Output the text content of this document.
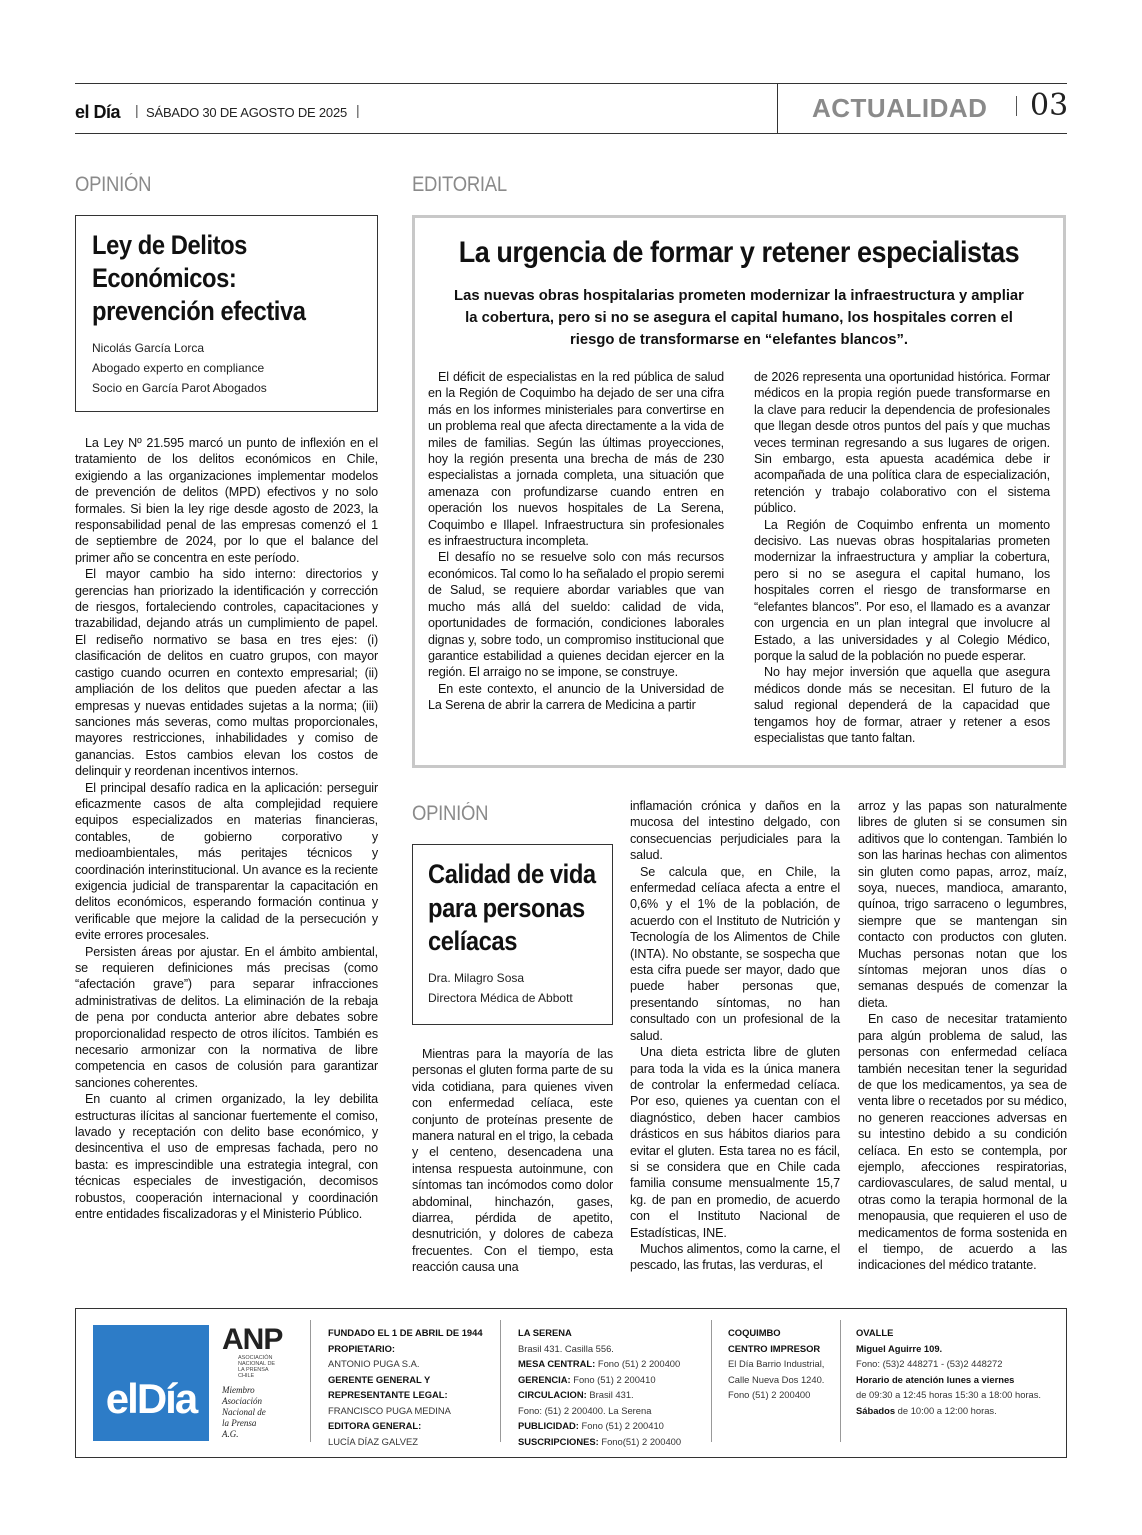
el Día | SÁBADO 30 DE AGOSTO DE 2025 |	ACTUALIDAD 03
OPINIÓN
Ley de Delitos
Económicos:
prevención efectiva
Nicolás García Lorca
Abogado experto en compliance
Socio en García Parot Abogados

La Ley Nº 21.595 marcó un punto de inflexión en el tratamiento de los delitos económicos en Chile, exigiendo a las organizaciones implementar modelos de prevención de delitos (MPD) efectivos y no solo formales. Si bien la ley rige desde agosto de 2023, la responsabilidad penal de las empresas comenzó el 1 de septiembre de 2024, por lo que el balance del primer año se concentra en este período.

El mayor cambio ha sido interno: directorios y gerencias han priorizado la identificación y corrección de riesgos, fortaleciendo controles, capacitaciones y trazabilidad, dejando atrás un cumplimiento de papel. El rediseño normativo se basa en tres ejes: (i) clasificación de delitos en cuatro grupos, con mayor castigo cuando ocurren en contexto empresarial; (ii) ampliación de los delitos que pueden afectar a las empresas y nuevas entidades sujetas a la norma; (iii) sanciones más severas, como multas proporcionales, mayores restricciones, inhabilidades y comiso de ganancias. Estos cambios elevan los costos de delinquir y reordenan incentivos internos.

El principal desafío radica en la aplicación: perseguir eficazmente casos de alta complejidad requiere equipos especializados en materias financieras, contables, de gobierno corporativo y medioambientales, más peritajes técnicos y coordinación interinstitucional. Un avance es la reciente exigencia judicial de transparentar la capacitación en delitos económicos, esperando formación continua y verificable que mejore la calidad de la persecución y evite errores procesales.

Persisten áreas por ajustar. En el ámbito ambiental, se requieren definiciones más precisas (como “afectación grave”) para separar infracciones administrativas de delitos. La eliminación de la rebaja de pena por conducta anterior abre debates sobre proporcionalidad respecto de otros ilícitos. También es necesario armonizar con la normativa de libre competencia en casos de colusión para garantizar sanciones coherentes.

En cuanto al crimen organizado, la ley debilita estructuras ilícitas al sancionar fuertemente el comiso, lavado y receptación con delito base económico, y desincentiva el uso de empresas fachada, pero no basta: es imprescindible una estrategia integral, con técnicas especiales de investigación, decomisos robustos, cooperación internacional y coordinación entre entidades fiscalizadoras y el Ministerio Público.

EDITORIAL
La urgencia de formar y retener especialistas
Las nuevas obras hospitalarias prometen modernizar la infraestructura y ampliar la cobertura, pero si no se asegura el capital humano, los hospitales corren el riesgo de transformarse en “elefantes blancos”.

El déficit de especialistas en la red pública de salud en la Región de Coquimbo ha dejado de ser una cifra más en los informes ministeriales para convertirse en un problema real que afecta directamente a la vida de miles de familias. Según las últimas proyecciones, hoy la región presenta una brecha de más de 230 especialistas a jornada completa, una situación que amenaza con profundizarse cuando entren en operación los nuevos hospitales de La Serena, Coquimbo e Illapel. Infraestructura sin profesionales es infraestructura incompleta.

El desafío no se resuelve solo con más recursos económicos. Tal como lo ha señalado el propio seremi de Salud, se requiere abordar variables que van mucho más allá del sueldo: calidad de vida, oportunidades de formación, condiciones laborales dignas y, sobre todo, un compromiso institucional que garantice estabilidad a quienes decidan ejercer en la región. El arraigo no se impone, se construye.

En este contexto, el anuncio de la Universidad de La Serena de abrir la carrera de Medicina a partir

de 2026 representa una oportunidad histórica. Formar médicos en la propia región puede transformarse en la clave para reducir la dependencia de profesionales que llegan desde otros puntos del país y que muchas veces terminan regresando a sus lugares de origen. Sin embargo, esta apuesta académica debe ir acompañada de una política clara de especialización, retención y trabajo colaborativo con el sistema público.

La Región de Coquimbo enfrenta un momento decisivo. Las nuevas obras hospitalarias prometen modernizar la infraestructura y ampliar la cobertura, pero si no se asegura el capital humano, los hospitales corren el riesgo de transformarse en “elefantes blancos”. Por eso, el llamado es a avanzar con urgencia en un plan integral que involucre al Estado, a las universidades y al Colegio Médico, porque la salud de la población no puede esperar.

No hay mejor inversión que aquella que asegura médicos donde más se necesitan. El futuro de la salud regional dependerá de la capacidad que tengamos hoy de formar, atraer y retener a esos especialistas que tanto faltan.

OPINIÓN
Calidad de vida
para personas
celíacas
Dra. Milagro Sosa
Directora Médica de Abbott

Mientras para la mayoría de las personas el gluten forma parte de su vida cotidiana, para quienes viven con enfermedad celíaca, este conjunto de proteínas presente de manera natural en el trigo, la cebada y el centeno, desencadena una intensa respuesta autoinmune, con síntomas tan incómodos como dolor abdominal, hinchazón, gases, diarrea, pérdida de apetito, desnutrición, y dolores de cabeza frecuentes. Con el tiempo, esta reacción causa una

inflamación crónica y daños en la mucosa del intestino delgado, con consecuencias perjudiciales para la salud.

Se calcula que, en Chile, la enfermedad celíaca afecta a entre el 0,6% y el 1% de la población, de acuerdo con el Instituto de Nutrición y Tecnología de los Alimentos de Chile (INTA). No obstante, se sospecha que esta cifra puede ser mayor, dado que puede haber personas que, presentando síntomas, no han consultado con un profesional de la salud.

Una dieta estricta libre de gluten para toda la vida es la única manera de controlar la enfermedad celíaca. Por eso, quienes ya cuentan con el diagnóstico, deben hacer cambios drásticos en sus hábitos diarios para evitar el gluten. Esta tarea no es fácil, si se considera que en Chile cada familia consume mensualmente 15,7 kg. de pan en promedio, de acuerdo con el Instituto Nacional de Estadísticas, INE.

Muchos alimentos, como la carne, el pescado, las frutas, las verduras, el

arroz y las papas son naturalmente libres de gluten si se consumen sin aditivos que lo contengan. También lo son las harinas hechas con alimentos sin gluten como papas, arroz, maíz, soya, nueces, mandioca, amaranto, quínoa, trigo sarraceno o legumbres, siempre que se mantengan sin contacto con productos con gluten. Muchas personas notan que los síntomas mejoran unos días o semanas después de comenzar la dieta.

En caso de necesitar tratamiento para algún problema de salud, las personas con enfermedad celíaca también necesitan tener la seguridad de que los medicamentos, ya sea de venta libre o recetados por su médico, no generen reacciones adversas en su intestino debido a su condición celíaca. En esto se contempla, por ejemplo, afecciones respiratorias, cardiovasculares, de salud mental, u otras como la terapia hormonal de la menopausia, que requieren el uso de medicamentos de forma sostenida en el tiempo, de acuerdo a las indicaciones del médico tratante.

elDía
ANP
ASOCIACIÓN NACIONAL DE LA PRENSA CHILE
Miembro
Asociación
Nacional de
la Prensa
A.G.
FUNDADO EL 1 DE ABRIL DE 1944
PROPIETARIO:
ANTONIO PUGA S.A.
GERENTE GENERAL Y
REPRESENTANTE LEGAL:
FRANCISCO PUGA MEDINA
EDITORA GENERAL:
LUCÍA DÍAZ GALVEZ
LA SERENA
Brasil 431. Casilla 556.
MESA CENTRAL: Fono (51) 2 200400
GERENCIA: Fono (51) 2 200410
CIRCULACION: Brasil 431.
Fono: (51) 2 200400. La Serena
PUBLICIDAD: Fono (51) 2 200410
SUSCRIPCIONES: Fono(51) 2 200400
COQUIMBO
CENTRO IMPRESOR
El Día Barrio Industrial,
Calle Nueva Dos 1240.
Fono (51) 2 200400
OVALLE
Miguel Aguirre 109.
Fono: (53)2 448271 - (53)2 448272
Horario de atención lunes a viernes
de 09:30 a 12:45 horas 15:30 a 18:00 horas.
Sábados de 10:00 a 12:00 horas.
